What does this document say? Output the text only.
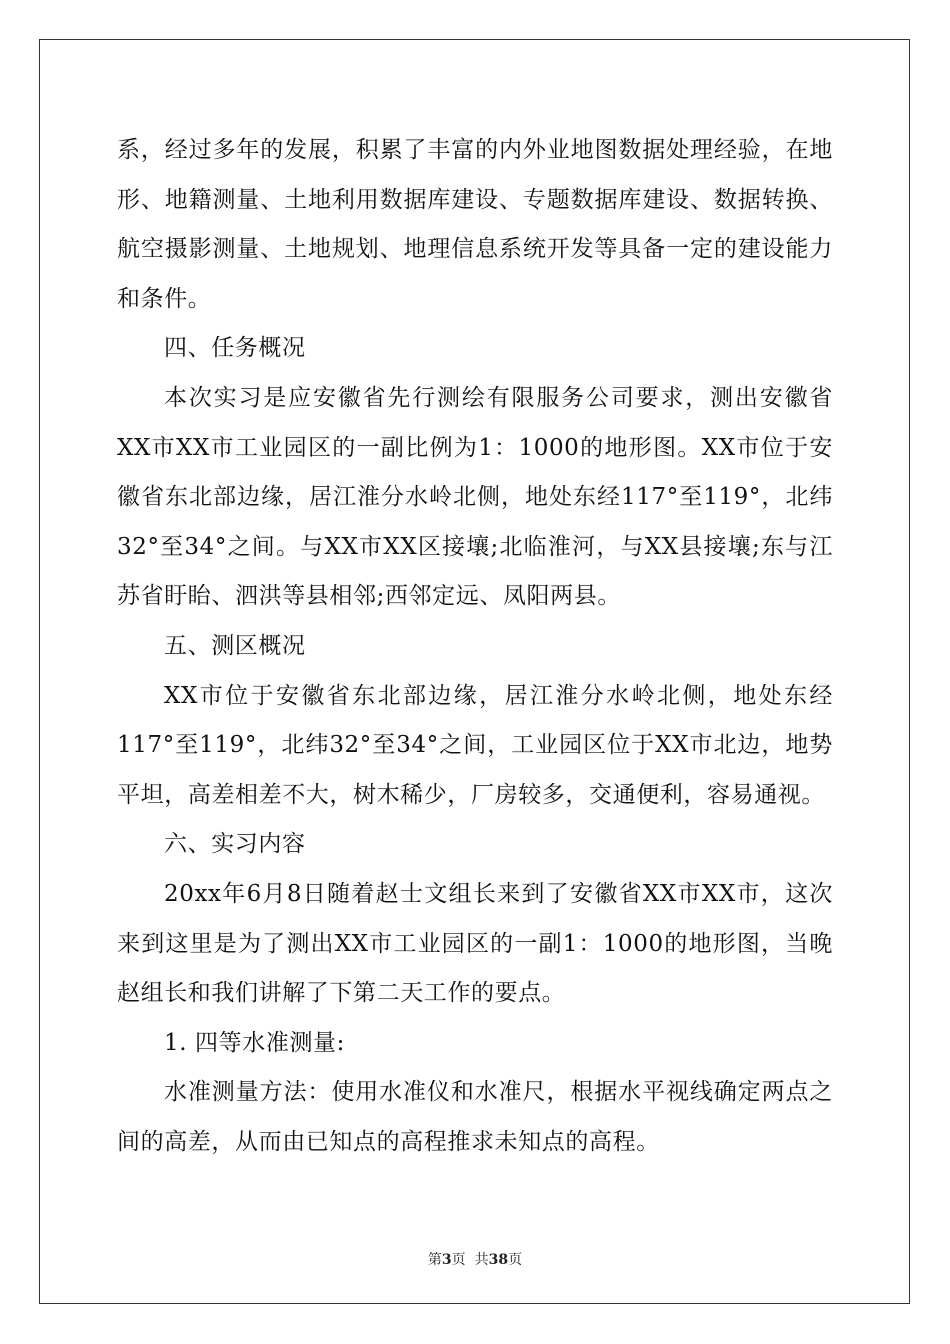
系，经过多年的发展，积累了丰富的内外业地图数据处理经验，在地形、地籍测量、土地利用数据库建设、专题数据库建设、数据转换、航空摄影测量、土地规划、地理信息系统开发等具备一定的建设能力和条件。

四、任务概况

本次实习是应安徽省先行测绘有限服务公司要求，测出安徽省XX市XX市工业园区的一副比例为1：1000的地形图。XX市位于安徽省东北部边缘，居江淮分水岭北侧，地处东经117°至119°，北纬32°至34°之间。与XX市XX区接壤;北临淮河，与XX县接壤;东与江苏省盱眙、泗洪等县相邻;西邻定远、凤阳两县。

五、测区概况

XX市位于安徽省东北部边缘，居江淮分水岭北侧，地处东经117°至119°，北纬32°至34°之间，工业园区位于XX市北边，地势平坦，高差相差不大，树木稀少，厂房较多，交通便利，容易通视。

六、实习内容

20xx年6月8日随着赵士文组长来到了安徽省XX市XX市，这次来到这里是为了测出XX市工业园区的一副1：1000的地形图，当晚赵组长和我们讲解了下第二天工作的要点。

1. 四等水准测量:

水准测量方法：使用水准仪和水准尺，根据水平视线确定两点之间的高差，从而由已知点的高程推求未知点的高程。

第3页  共38页
